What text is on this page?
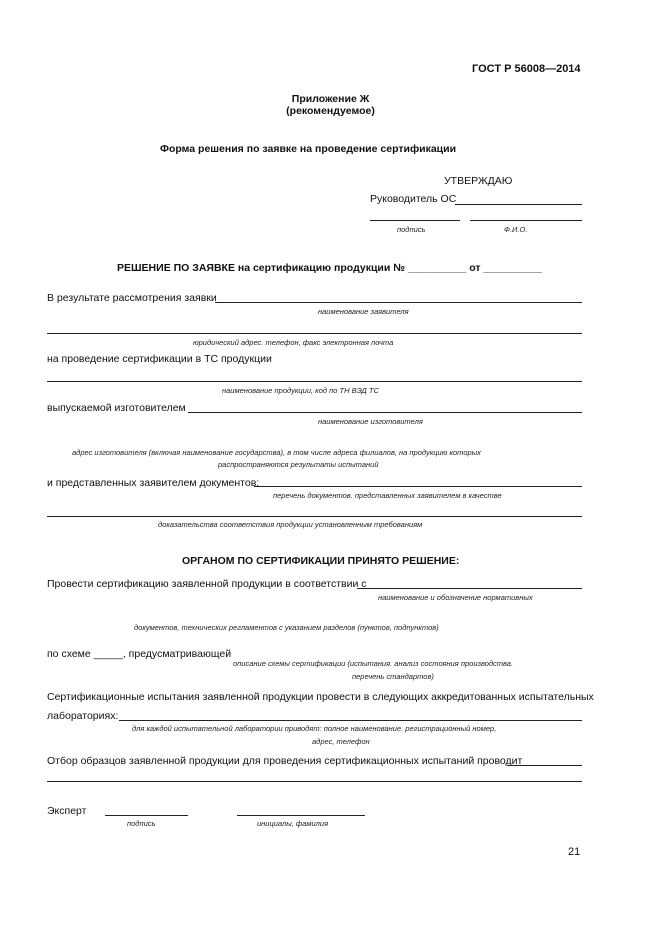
ГОСТ Р 56008—2014
Приложение Ж
(рекомендуемое)
Форма решения по заявке на проведение сертификации
УТВЕРЖДАЮ
Руководитель ОС
подпись	Ф.И.О.
РЕШЕНИЕ ПО ЗАЯВКЕ на сертификацию продукции № __________ от __________
В результате рассмотрения заявки
наименование заявителя
юридический адрес. телефон, факс электронная почта
на проведение сертификации в ТС продукции
наименование продукции, код по ТН ВЭД ТС
выпускаемой изготовителем
наименование изготовителя
адрес изготовителя (включая наименование государства), в том числе адреса филиалов, на продукцию которых
распространяются результаты испытаний
и представленных заявителем документов:
перечень документов. представленных заявителем в качестве
доказательства соответствия продукции установленным требованиям
ОРГАНОМ ПО СЕРТИФИКАЦИИ ПРИНЯТО РЕШЕНИЕ:
Провести сертификацию заявленной продукции в соответствии с
наименование и обозначение нормативных
документов, технических регламентов с указанием разделов (пунктов, подпунктов)
по схеме _____, предусматривающей
описание схемы сертификации (испытания. анализ состояния производства.
перечень стандартов)
Сертификационные испытания заявленной продукции провести в следующих аккредитованных испытательных
лабораториях:
для каждой испытательной лаборатории приводят: полное наименование. регистрационный номер,
адрес, телефон
Отбор образцов заявленной продукции для проведения сертификационных испытаний проводит
Эксперт
подпись	инициалы, фамилия
21
